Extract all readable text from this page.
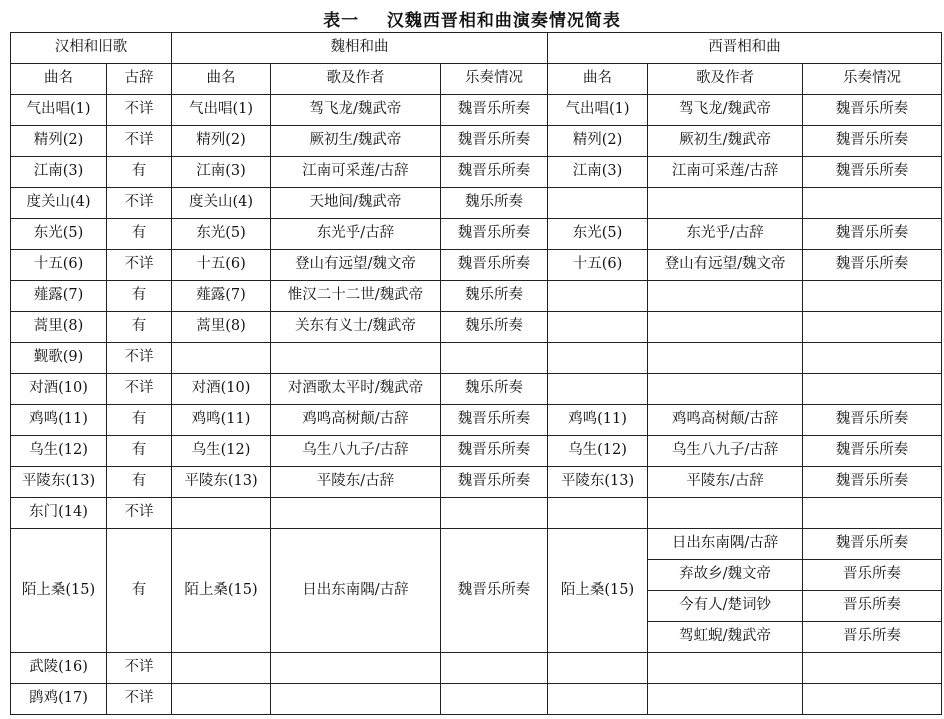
表一    汉魏西晋相和曲演奏情况简表
汉相和旧歌		魏相和曲			西晋相和曲		
曲名	古辞	曲名	歌及作者	乐奏情况	曲名	歌及作者	乐奏情况
气出唱(1)	不详	气出唱(1)	驾飞龙/魏武帝	魏晋乐所奏	气出唱(1)	驾飞龙/魏武帝	魏晋乐所奏
精列(2)	不详	精列(2)	厥初生/魏武帝	魏晋乐所奏	精列(2)	厥初生/魏武帝	魏晋乐所奏
江南(3)	有	江南(3)	江南可采莲/古辞	魏晋乐所奏	江南(3)	江南可采莲/古辞	魏晋乐所奏
度关山(4)	不详	度关山(4)	天地间/魏武帝	魏乐所奏			
东光(5)	有	东光(5)	东光乎/古辞	魏晋乐所奏	东光(5)	东光乎/古辞	魏晋乐所奏
十五(6)	不详	十五(6)	登山有远望/魏文帝	魏晋乐所奏	十五(6)	登山有远望/魏文帝	魏晋乐所奏
薤露(7)	有	薤露(7)	惟汉二十二世/魏武帝	魏乐所奏			
蒿里(8)	有	蒿里(8)	关东有义士/魏武帝	魏乐所奏			
觐歌(9)	不详						
对酒(10)	不详	对酒(10)	对酒歌太平时/魏武帝	魏乐所奏			
鸡鸣(11)	有	鸡鸣(11)	鸡鸣高树颠/古辞	魏晋乐所奏	鸡鸣(11)	鸡鸣高树颠/古辞	魏晋乐所奏
乌生(12)	有	乌生(12)	乌生八九子/古辞	魏晋乐所奏	乌生(12)	乌生八九子/古辞	魏晋乐所奏
平陵东(13)	有	平陵东(13)	平陵东/古辞	魏晋乐所奏	平陵东(13)	平陵东/古辞	魏晋乐所奏
东门(14)	不详						
陌上桑(15)	有	陌上桑(15)	日出东南隅/古辞	魏晋乐所奏	陌上桑(15)	日出东南隅/古辞	魏晋乐所奏
						弃故乡/魏文帝	晋乐所奏
						今有人/楚词钞	晋乐所奏
						驾虹蜺/魏武帝	晋乐所奏
武陵(16)	不详						
鹍鸡(17)	不详						
